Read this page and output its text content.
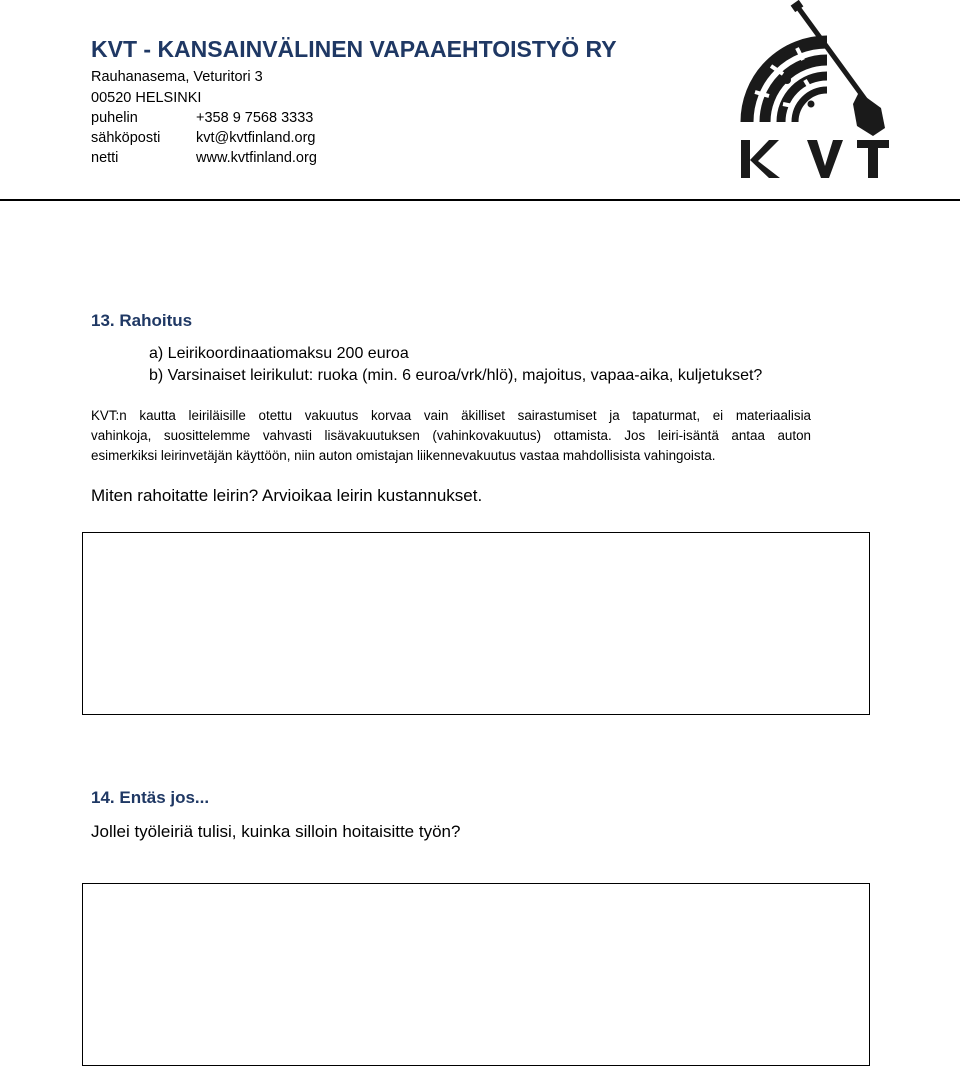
KVT - KANSAINVÄLINEN VAPAAEHTOISTYÖ RY
Rauhanasema, Veturitori 3
00520 HELSINKI
puhelin	+358 9 7568 3333
sähköposti kvt@kvtfinland.org
netti	www.kvtfinland.org
13. Rahoitus
a) Leirikoordinaatiomaksu 200 euroa
b) Varsinaiset leirikulut: ruoka (min. 6 euroa/vrk/hlö), majoitus, vapaa-aika, kuljetukset?
KVT:n kautta leiriläisille otettu vakuutus korvaa vain äkilliset sairastumiset ja tapaturmat, ei materiaalisia
vahinkoja, suosittelemme vahvasti lisävakuutuksen (vahinkovakuutus) ottamista. Jos leiri-isäntä antaa auton
esimerkiksi leirinvetäjän käyttöön, niin auton omistajan liikennevakuutus vastaa mahdollisista vahingoista.
Miten rahoitatte leirin? Arvioikaa leirin kustannukset.
14. Entäs jos...
Jollei työleiriä tulisi, kuinka silloin hoitaisitte työn?
